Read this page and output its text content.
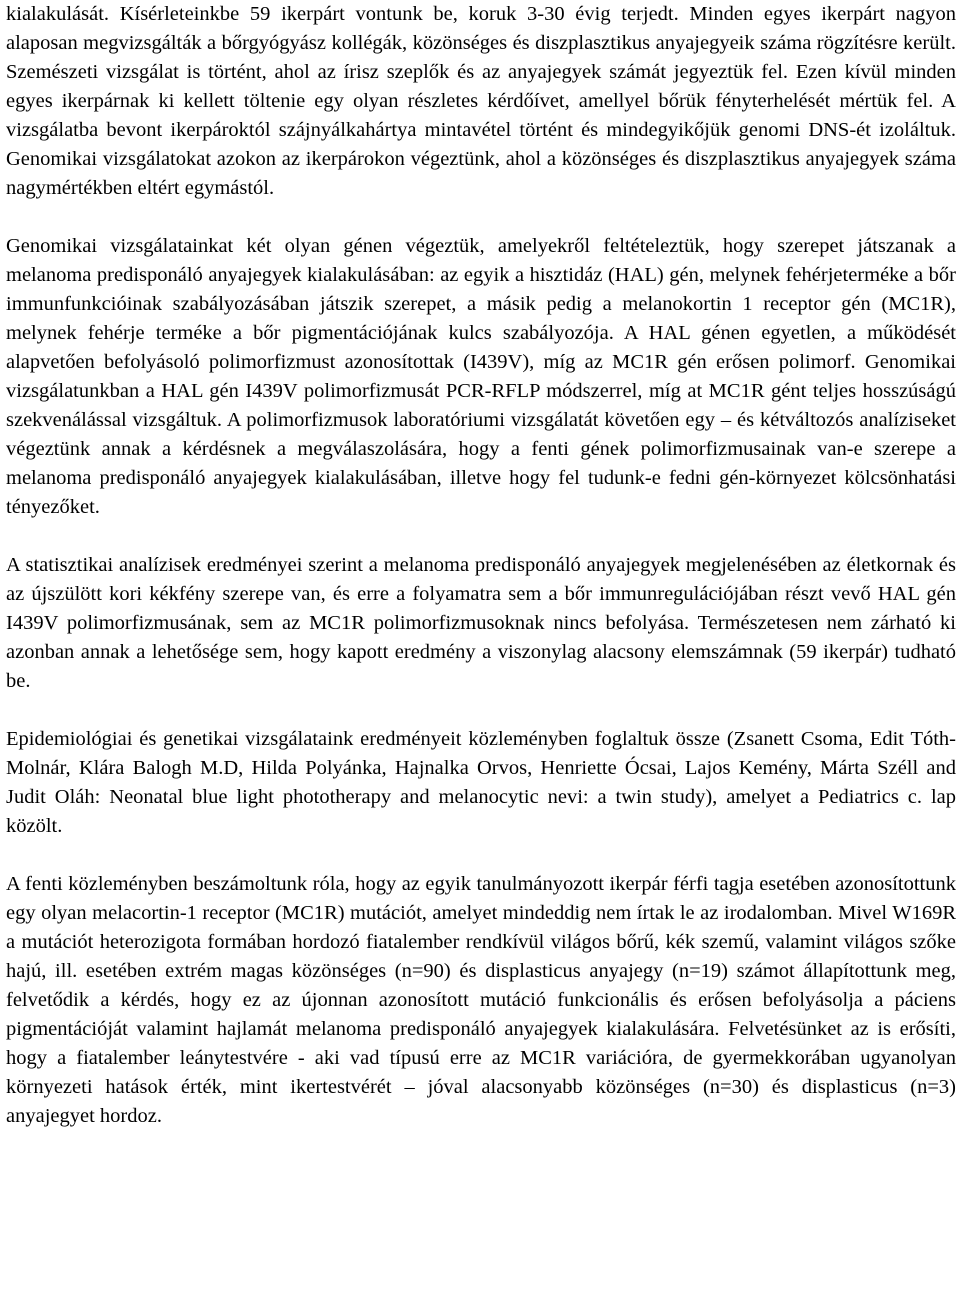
kialakulását. Kísérleteinkbe 59 ikerpárt vontunk be, koruk 3-30 évig terjedt. Minden egyes ikerpárt nagyon alaposan megvizsgálták a bőrgyógyász kollégák, közönséges és diszplasztikus anyajegyeik száma rögzítésre került. Szemészeti vizsgálat is történt, ahol az írisz szeplők és az anyajegyek számát jegyeztük fel. Ezen kívül minden egyes ikerpárnak ki kellett töltenie egy olyan részletes kérdőívet, amellyel bőrük fényterhelését mértük fel. A vizsgálatba bevont ikerpároktól szájnyálkahártya mintavétel történt és mindegyikőjük genomi DNS-ét izoláltuk. Genomikai vizsgálatokat azokon az ikerpárokon végeztünk, ahol a közönséges és diszplasztikus anyajegyek száma nagymértékben eltért egymástól.

Genomikai vizsgálatainkat két olyan génen végeztük, amelyekről feltételeztük, hogy szerepet játszanak a melanoma predisponáló anyajegyek kialakulásában: az egyik a hisztidáz (HAL) gén, melynek fehérjeterméke a bőr immunfunkcióinak szabályozásában játszik szerepet, a másik pedig a melanokortin 1 receptor gén (MC1R), melynek fehérje terméke a bőr pigmentációjának kulcs szabályozója. A HAL génen egyetlen, a működését alapvetően befolyásoló polimorfizmust azonosítottak (I439V), míg az MC1R gén erősen polimorf. Genomikai vizsgálatunkban a HAL gén I439V polimorfizmusát PCR-RFLP módszerrel, míg at MC1R gént teljes hosszúságú szekvenálással vizsgáltuk. A polimorfizmusok laboratóriumi vizsgálatát követően egy – és kétváltozós analíziseket végeztünk annak a kérdésnek a megválaszolására, hogy a fenti gének polimorfizmusainak van-e szerepe a melanoma predisponáló anyajegyek kialakulásában, illetve hogy fel tudunk-e fedni gén-környezet kölcsönhatási tényezőket.

A statisztikai analízisek eredményei szerint a melanoma predisponáló anyajegyek megjelenésében az életkornak és az újszülött kori kékfény szerepe van, és erre a folyamatra sem a bőr immunregulációjában részt vevő HAL gén I439V polimorfizmusának, sem az MC1R polimorfizmusoknak nincs befolyása. Természetesen nem zárható ki azonban annak a lehetősége sem, hogy kapott eredmény a viszonylag alacsony elemszámnak (59 ikerpár) tudható be.

Epidemiológiai és genetikai vizsgálataink eredményeit közleményben foglaltuk össze (Zsanett Csoma, Edit Tóth-Molnár, Klára Balogh M.D, Hilda Polyánka, Hajnalka Orvos, Henriette Ócsai, Lajos Kemény, Márta Széll and Judit Oláh: Neonatal blue light phototherapy and melanocytic nevi: a twin study), amelyet a Pediatrics c. lap közölt.

A fenti közleményben beszámoltunk róla, hogy az egyik tanulmányozott ikerpár férfi tagja esetében azonosítottunk egy olyan melacortin-1 receptor (MC1R) mutációt, amelyet mindeddig nem írtak le az irodalomban. Mivel W169R a mutációt heterozigota formában hordozó fiatalember rendkívül világos bőrű, kék szemű, valamint világos szőke hajú, ill. esetében extrém magas közönséges (n=90) és displasticus anyajegy (n=19) számot állapítottunk meg, felvetődik a kérdés, hogy ez az újonnan azonosított mutáció funkcionális és erősen befolyásolja a páciens pigmentációját valamint hajlamát melanoma predisponáló anyajegyek kialakulására. Felvetésünket az is erősíti, hogy a fiatalember leánytestvére - aki vad típusú erre az MC1R variációra, de gyermekkorában ugyanolyan környezeti hatások érték, mint ikertestvérét – jóval alacsonyabb közönséges (n=30) és displasticus (n=3) anyajegyet hordoz.
